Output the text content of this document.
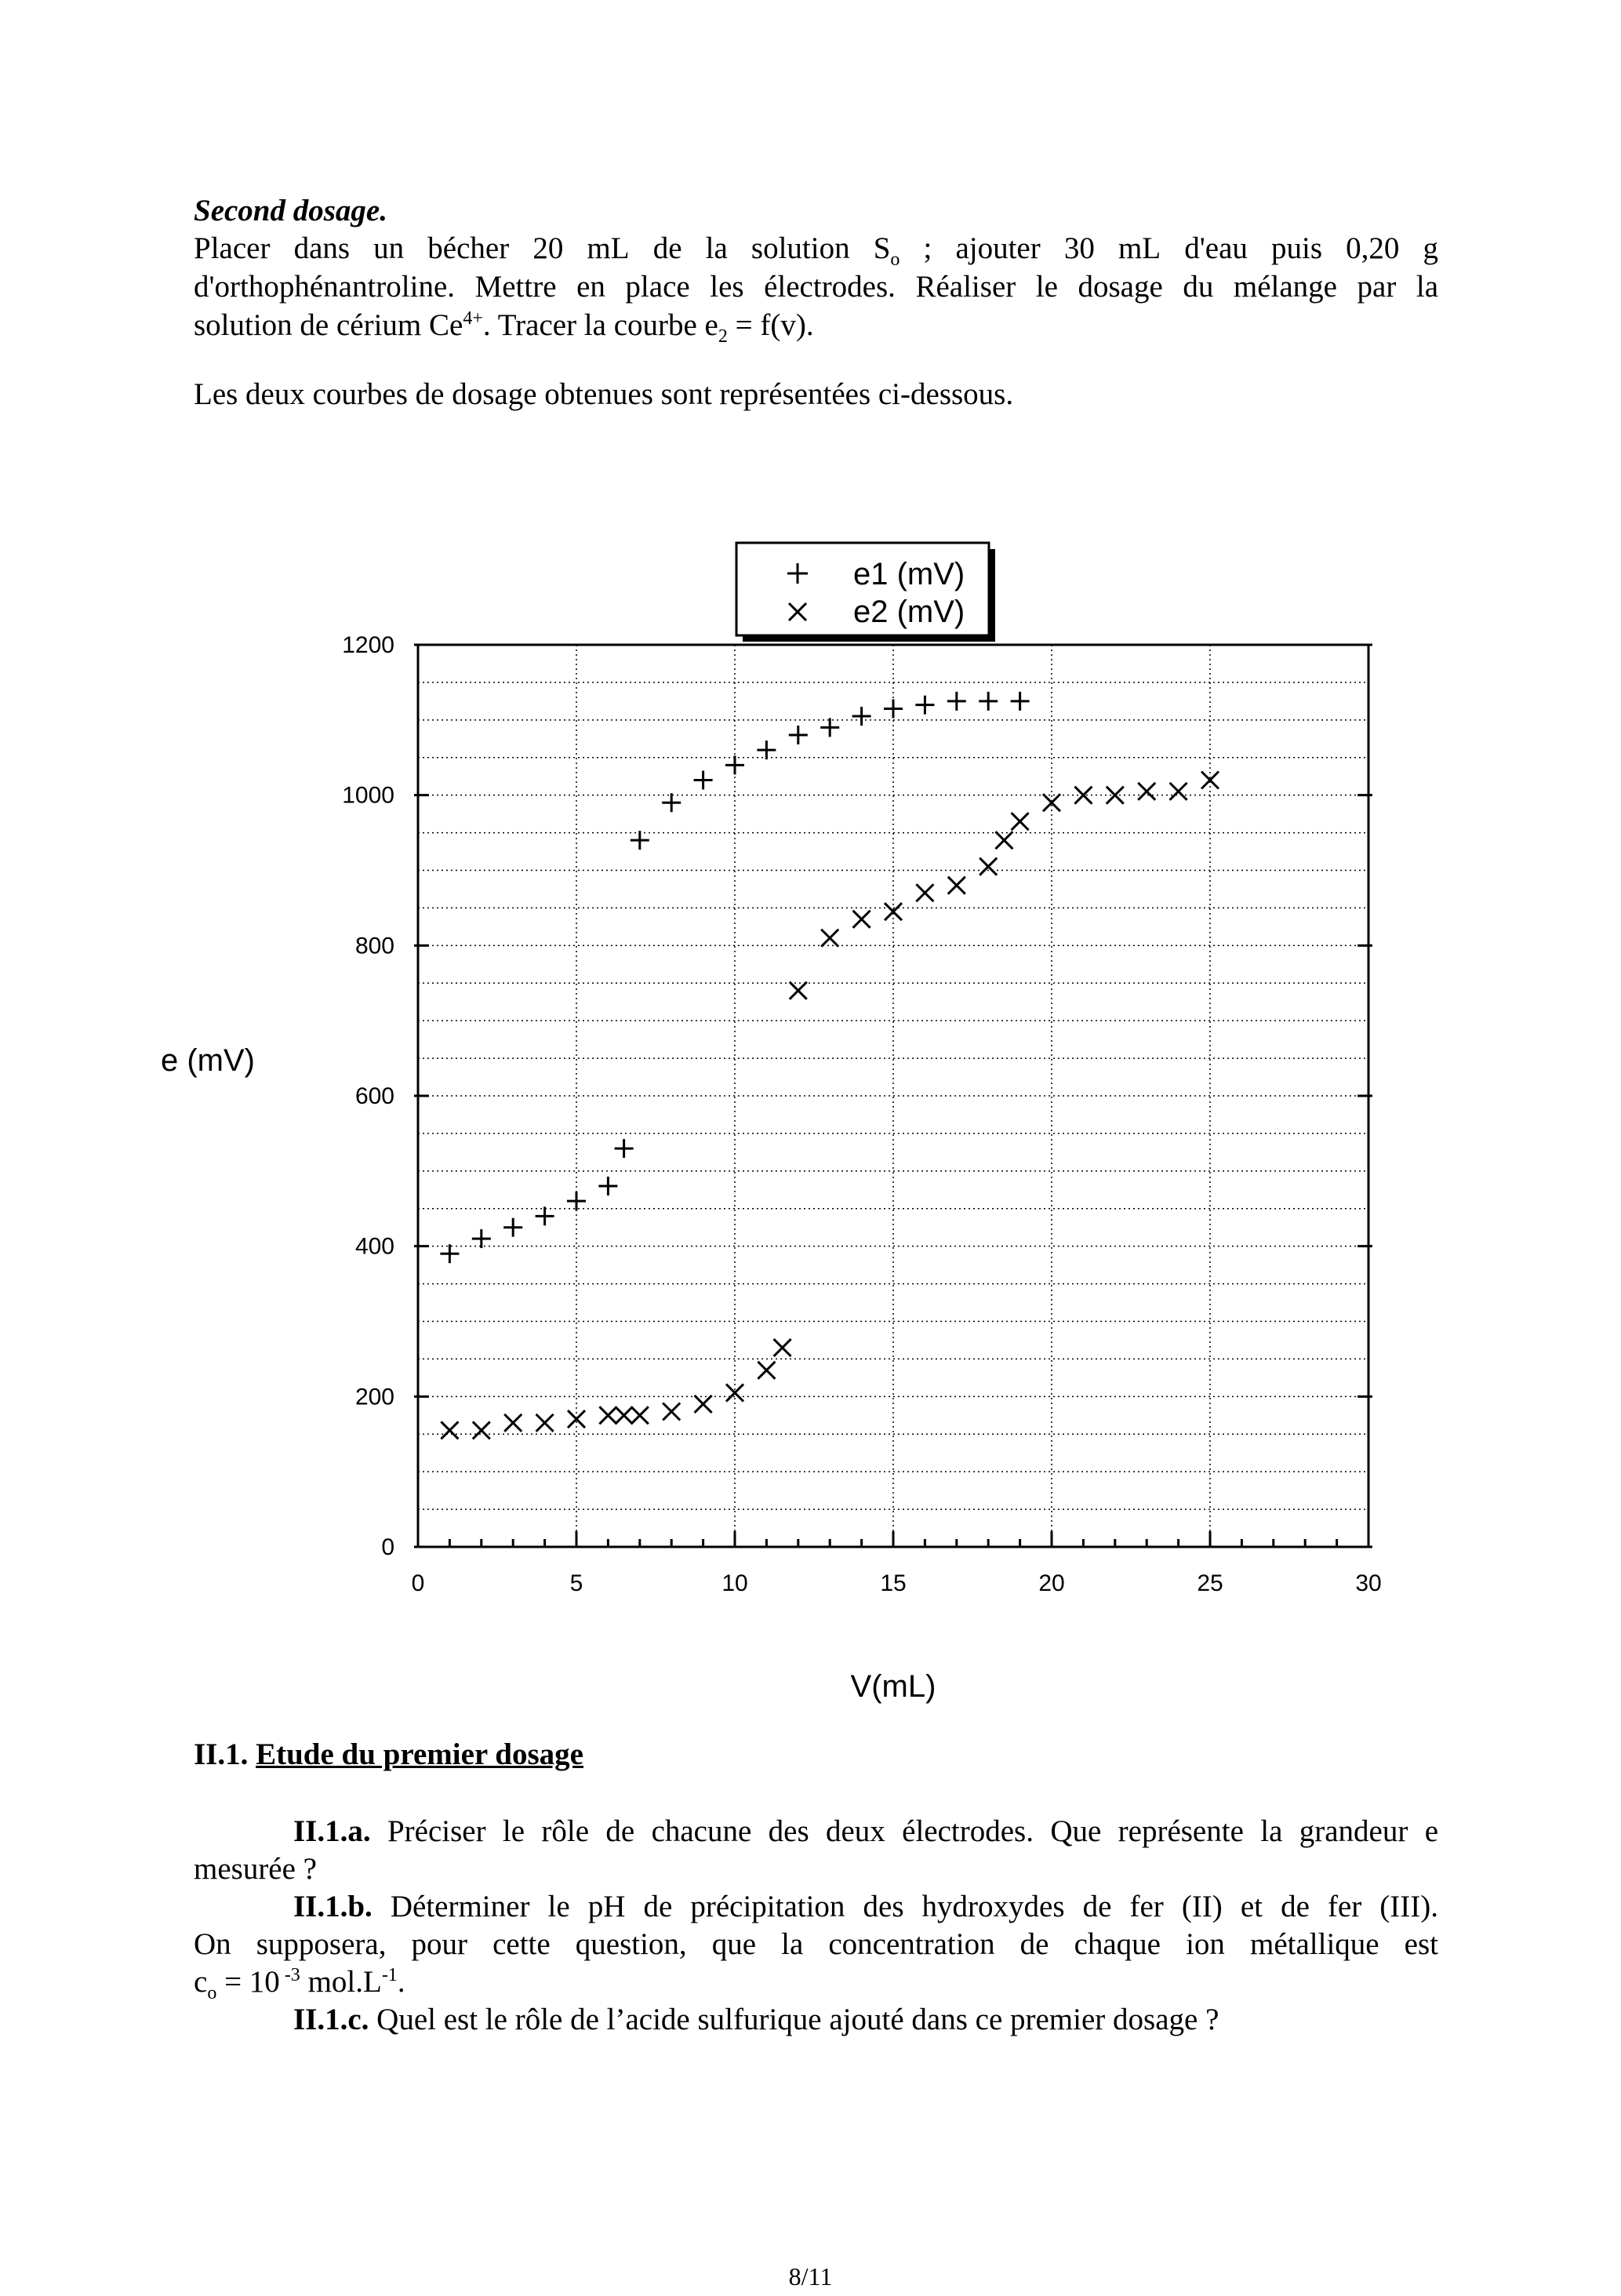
Second dosage.
Placer dans un bécher 20 mL de la solution $S_o$ ; ajouter 30 mL d'eau puis 0,20 g
d'orthophénantroline. Mettre en place les électrodes. Réaliser le dosage du mélange par la
solution de cérium $Ce^{4+}$. Tracer la courbe $e_2 = f(v)$.
Les deux courbes de dosage obtenues sont représentées ci-dessous.
0
200
400
600
800
1000
1200
0	5	10	15	20	25	30
e (mV)
V(mL)
e1 (mV)
e2 (mV)
II.1. Etude du premier dosage
II.1.a. Préciser le rôle de chacune des deux électrodes. Que représente la grandeur e
mesurée ?
II.1.b. Déterminer le pH de précipitation des hydroxydes de fer (II) et de fer (III).
On supposera, pour cette question, que la concentration de chaque ion métallique est
$c_o = 10$ $^{-3}$ $mol.L^{-1}$.
II.1.c. Quel est le rôle de l’acide sulfurique ajouté dans ce premier dosage ?
8/11
